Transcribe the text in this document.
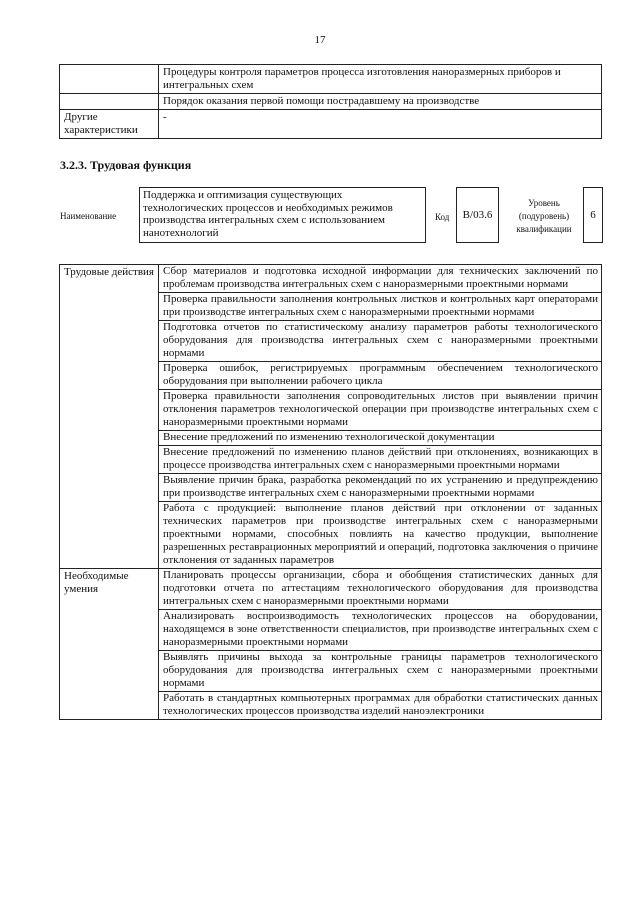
17
	Процедуры контроля параметров процесса изготовления наноразмерных приборов и интегральных схем
	Порядок оказания первой помощи пострадавшему на производстве
Другие характеристики	-
3.2.3. Трудовая функция
Наименование
Поддержка и оптимизация существующих технологических процессов и необходимых режимов производства интегральных схем с использованием нанотехнологий
Код	B/03.6
Уровень (подуровень) квалификации
6
Трудовые действия	Сбор материалов и подготовка исходной информации для технических заключений по проблемам производства интегральных схем с наноразмерными проектными нормами
	Проверка правильности заполнения контрольных листков и контрольных карт операторами при производстве интегральных схем с наноразмерными проектными нормами
	Подготовка отчетов по статистическому анализу параметров работы технологического оборудования для производства интегральных схем с наноразмерными проектными нормами
	Проверка ошибок, регистрируемых программным обеспечением технологического оборудования при выполнении рабочего цикла
	Проверка правильности заполнения сопроводительных листов при выявлении причин отклонения параметров технологической операции при производстве интегральных схем с наноразмерными проектными нормами
	Внесение предложений по изменению технологической документации
	Внесение предложений по изменению планов действий при отклонениях, возникающих в процессе производства интегральных схем с наноразмерными проектными нормами
	Выявление причин брака, разработка рекомендаций по их устранению и предупреждению при производстве интегральных схем с наноразмерными проектными нормами
	Работа с продукцией: выполнение планов действий при отклонении от заданных технических параметров при производстве интегральных схем с наноразмерными проектными нормами, способных повлиять на качество продукции, выполнение разрешенных реставрационных мероприятий и операций, подготовка заключения о причине отклонения от заданных параметров
Необходимые умения	Планировать процессы организации, сбора и обобщения статистических данных для подготовки отчета по аттестациям технологического оборудования для производства интегральных схем с наноразмерными проектными нормами
	Анализировать воспроизводимость технологических процессов на оборудовании, находящемся в зоне ответственности специалистов, при производстве интегральных схем с наноразмерными проектными нормами
	Выявлять причины выхода за контрольные границы параметров технологического оборудования для производства интегральных схем с наноразмерными проектными нормами
	Работать в стандартных компьютерных программах для обработки статистических данных технологических процессов производства изделий наноэлектроники
